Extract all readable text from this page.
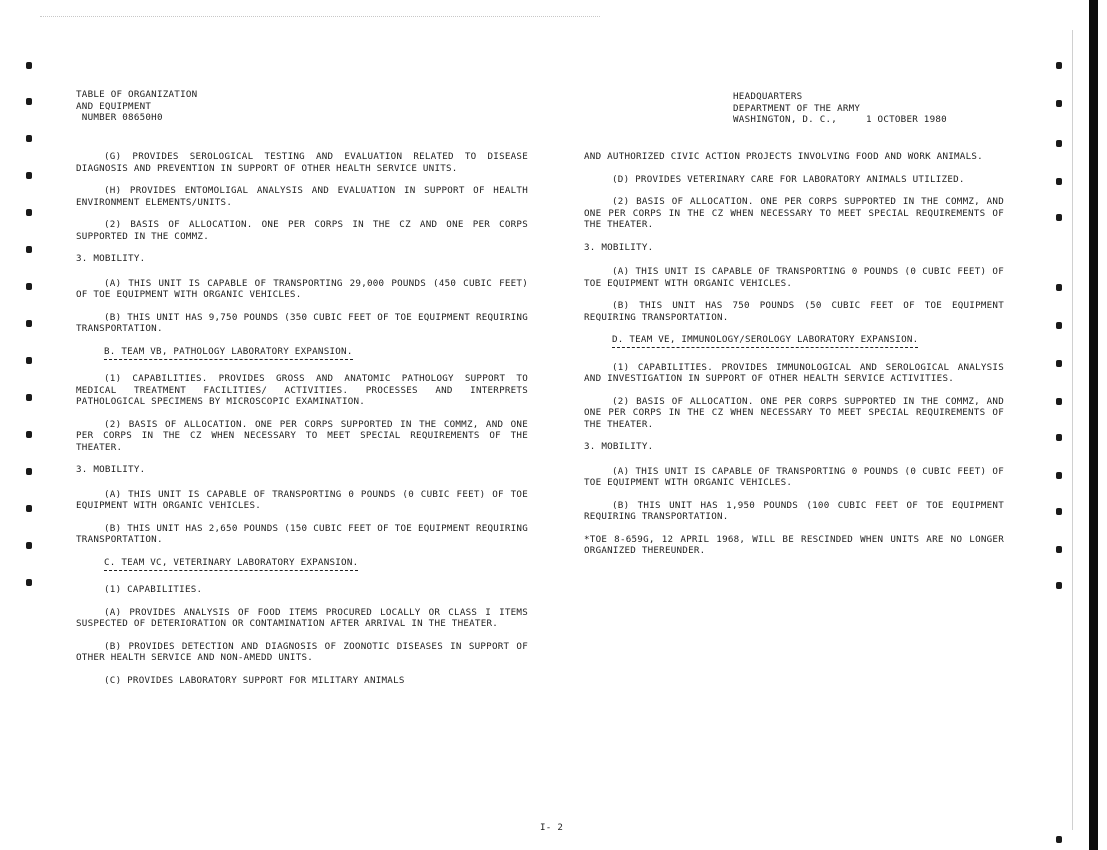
TABLE OF ORGANIZATION
AND EQUIPMENT
NUMBER 08650H0
HEADQUARTERS
DEPARTMENT OF THE ARMY
WASHINGTON, D. C.,     1 OCTOBER 1980

(G) PROVIDES SEROLOGICAL TESTING AND EVALUATION RELATED TO DISEASE DIAGNOSIS AND PREVENTION IN SUPPORT OF OTHER HEALTH SERVICE UNITS.

(H) PROVIDES ENTOMOLIGAL ANALYSIS AND EVALUATION IN SUPPORT OF HEALTH ENVIRONMENT ELEMENTS/UNITS.

(2) BASIS OF ALLOCATION. ONE PER CORPS IN THE CZ AND ONE PER CORPS SUPPORTED IN THE COMMZ.

3. MOBILITY.

(A) THIS UNIT IS CAPABLE OF TRANSPORTING 29,000 POUNDS (450 CUBIC FEET) OF TOE EQUIPMENT WITH ORGANIC VEHICLES.

(B) THIS UNIT HAS 9,750 POUNDS (350 CUBIC FEET OF TOE EQUIPMENT REQUIRING TRANSPORTATION.

B. TEAM VB, PATHOLOGY LABORATORY EXPANSION.

(1) CAPABILITIES. PROVIDES GROSS AND ANATOMIC PATHOLOGY SUPPORT TO MEDICAL TREATMENT FACILITIES/ ACTIVITIES. PROCESSES AND INTERPRETS PATHOLOGICAL SPECIMENS BY MICROSCOPIC EXAMINATION.

(2) BASIS OF ALLOCATION. ONE PER CORPS SUPPORTED IN THE COMMZ, AND ONE PER CORPS IN THE CZ WHEN NECESSARY TO MEET SPECIAL REQUIREMENTS OF THE THEATER.

3. MOBILITY.

(A) THIS UNIT IS CAPABLE OF TRANSPORTING 0 POUNDS (0 CUBIC FEET) OF TOE EQUIPMENT WITH ORGANIC VEHICLES.

(B) THIS UNIT HAS 2,650 POUNDS (150 CUBIC FEET OF TOE EQUIPMENT REQUIRING TRANSPORTATION.

C. TEAM VC, VETERINARY LABORATORY EXPANSION.

(1) CAPABILITIES.

(A) PROVIDES ANALYSIS OF FOOD ITEMS PROCURED LOCALLY OR CLASS I ITEMS SUSPECTED OF DETERIORATION OR CONTAMINATION AFTER ARRIVAL IN THE THEATER.

(B) PROVIDES DETECTION AND DIAGNOSIS OF ZOONOTIC DISEASES IN SUPPORT OF OTHER HEALTH SERVICE AND NON-AMEDD UNITS.

(C) PROVIDES LABORATORY SUPPORT FOR MILITARY ANIMALS

AND AUTHORIZED CIVIC ACTION PROJECTS INVOLVING FOOD AND WORK ANIMALS.

(D) PROVIDES VETERINARY CARE FOR LABORATORY ANIMALS UTILIZED.

(2) BASIS OF ALLOCATION. ONE PER CORPS SUPPORTED IN THE COMMZ, AND ONE PER CORPS IN THE CZ WHEN NECESSARY TO MEET SPECIAL REQUIREMENTS OF THE THEATER.

3. MOBILITY.

(A) THIS UNIT IS CAPABLE OF TRANSPORTING 0 POUNDS (0 CUBIC FEET) OF TOE EQUIPMENT WITH ORGANIC VEHICLES.

(B) THIS UNIT HAS 750 POUNDS (50 CUBIC FEET OF TOE EQUIPMENT REQUIRING TRANSPORTATION.

D. TEAM VE, IMMUNOLOGY/SEROLOGY LABORATORY EXPANSION.

(1) CAPABILITIES. PROVIDES IMMUNOLOGICAL AND SEROLOGICAL ANALYSIS AND INVESTIGATION IN SUPPORT OF OTHER HEALTH SERVICE ACTIVITIES.

(2) BASIS OF ALLOCATION. ONE PER CORPS SUPPORTED IN THE COMMZ, AND ONE PER CORPS IN THE CZ WHEN NECESSARY TO MEET SPECIAL REQUIREMENTS OF THE THEATER.

3. MOBILITY.

(A) THIS UNIT IS CAPABLE OF TRANSPORTING 0 POUNDS (0 CUBIC FEET) OF TOE EQUIPMENT WITH ORGANIC VEHICLES.

(B) THIS UNIT HAS 1,950 POUNDS (100 CUBIC FEET OF TOE EQUIPMENT REQUIRING TRANSPORTATION.

*TOE 8-659G, 12 APRIL 1968, WILL BE RESCINDED WHEN UNITS ARE NO LONGER ORGANIZED THEREUNDER.

I- 2
